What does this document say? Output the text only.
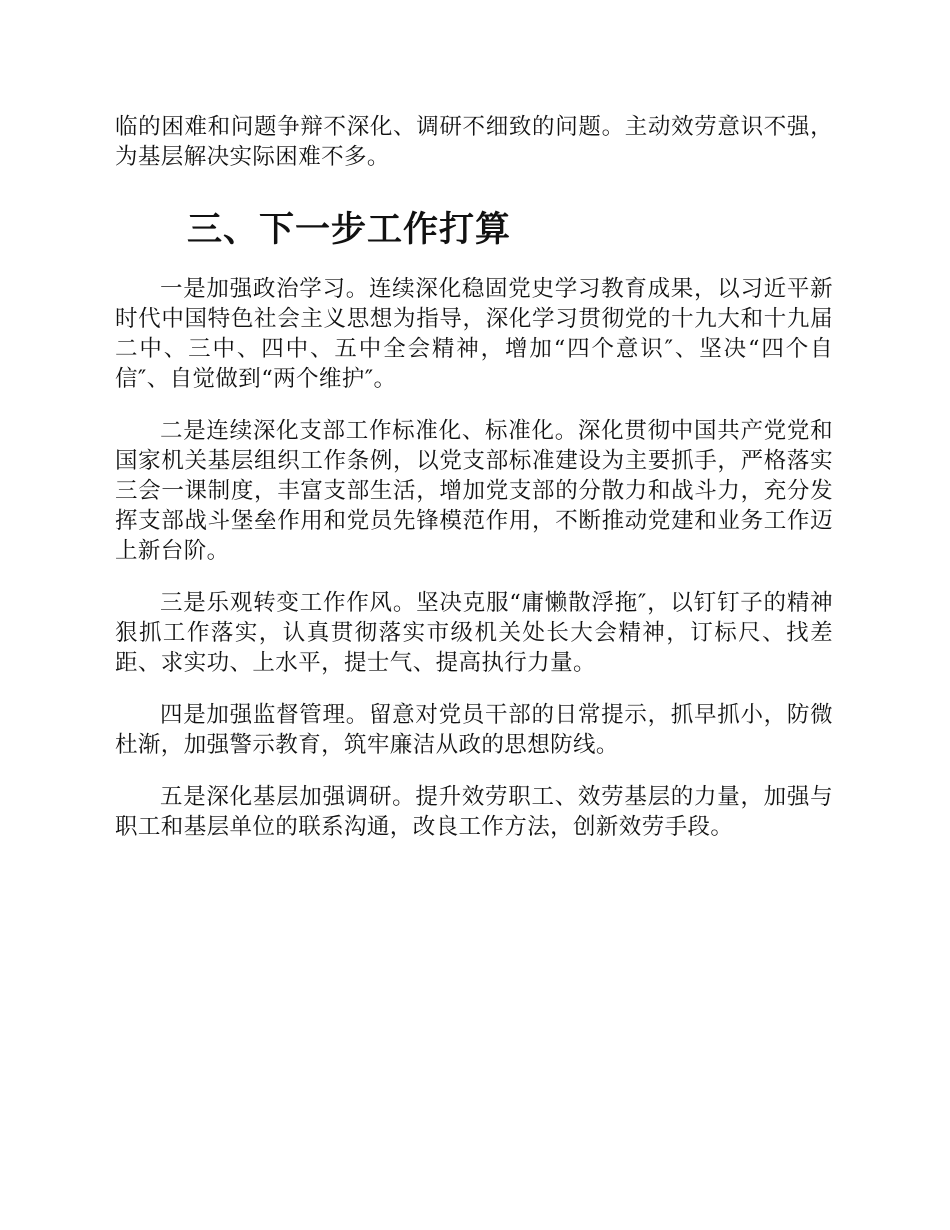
临的困难和问题争辩不深化、调研不细致的问题。主动效劳意识不强，为基层解决实际困难不多。

三、下一步工作打算

一是加强政治学习。连续深化稳固党史学习教育成果，以习近平新时代中国特色社会主义思想为指导，深化学习贯彻党的十九大和十九届二中、三中、四中、五中全会精神，增加“四个意识″、坚决“四个自信″、自觉做到“两个维护″。

二是连续深化支部工作标准化、标准化。深化贯彻中国共产党党和国家机关基层组织工作条例，以党支部标准建设为主要抓手，严格落实三会一课制度，丰富支部生活，增加党支部的分散力和战斗力，充分发挥支部战斗堡垒作用和党员先锋模范作用，不断推动党建和业务工作迈上新台阶。

三是乐观转变工作作风。坚决克服“庸懒散浮拖″，以钉钉子的精神狠抓工作落实，认真贯彻落实市级机关处长大会精神，订标尺、找差距、求实功、上水平，提士气、提高执行力量。

四是加强监督管理。留意对党员干部的日常提示，抓早抓小，防微杜渐，加强警示教育，筑牢廉洁从政的思想防线。

五是深化基层加强调研。提升效劳职工、效劳基层的力量，加强与职工和基层单位的联系沟通，改良工作方法，创新效劳手段。
